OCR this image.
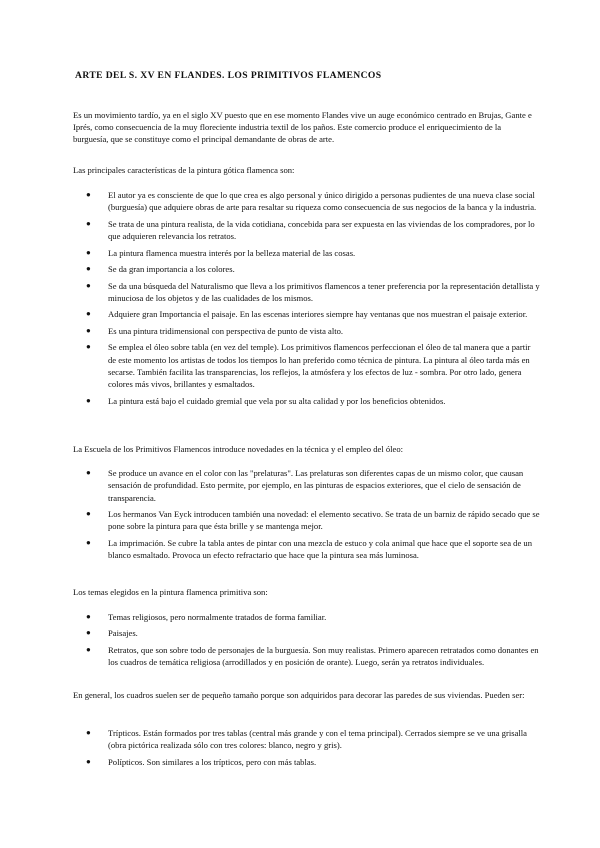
ARTE DEL S. XV EN FLANDES. LOS PRIMITIVOS FLAMENCOS

Es un movimiento tardío, ya en el siglo XV puesto que en ese momento Flandes vive un auge económico centrado en Brujas, Gante e Iprés, como consecuencia de la muy floreciente industria textil de los paños. Este comercio produce el enriquecimiento de la burguesía, que se constituye como el principal demandante de obras de arte.

Las principales características de la pintura gótica flamenca son:

● El autor ya es consciente de que lo que crea es algo personal y único dirigido a personas pudientes de una nueva clase social (burguesía) que adquiere obras de arte para resaltar su riqueza como consecuencia de sus negocios de la banca y la industria.
● Se trata de una pintura realista, de la vida cotidiana, concebida para ser expuesta en las viviendas de los compradores, por lo que adquieren relevancia los retratos.
● La pintura flamenca muestra interés por la belleza material de las cosas.
● Se da gran importancia a los colores.
● Se da una búsqueda del Naturalismo que lleva a los primitivos flamencos a tener preferencia por la representación detallista y minuciosa de los objetos y de las cualidades de los mismos.
● Adquiere gran Importancia el paisaje. En las escenas interiores siempre hay ventanas que nos muestran el paisaje exterior.
● Es una pintura tridimensional con perspectiva de punto de vista alto.
● Se emplea el óleo sobre tabla (en vez del temple). Los primitivos flamencos perfeccionan el óleo de tal manera que a partir de este momento los artistas de todos los tiempos lo han preferido como técnica de pintura. La pintura al óleo tarda más en secarse. También facilita las transparencias, los reflejos, la atmósfera y los efectos de luz - sombra. Por otro lado, genera colores más vivos, brillantes y esmaltados.
● La pintura está bajo el cuidado gremial que vela por su alta calidad y por los beneficios obtenidos.

La Escuela de los Primitivos Flamencos introduce novedades en la técnica y el empleo del óleo:

● Se produce un avance en el color con las "prelaturas". Las prelaturas son diferentes capas de un mismo color, que causan sensación de profundidad. Esto permite, por ejemplo, en las pinturas de espacios exteriores, que el cielo de sensación de transparencia.
● Los hermanos Van Eyck introducen también una novedad: el elemento secativo. Se trata de un barniz de rápido secado que se pone sobre la pintura para que ésta brille y se mantenga mejor.
● La imprimación. Se cubre la tabla antes de pintar con una mezcla de estuco y cola animal que hace que el soporte sea de un blanco esmaltado. Provoca un efecto refractario que hace que la pintura sea más luminosa.

Los temas elegidos en la pintura flamenca primitiva son:

● Temas religiosos, pero normalmente tratados de forma familiar.
● Paisajes.
● Retratos, que son sobre todo de personajes de la burguesía. Son muy realistas. Primero aparecen retratados como donantes en los cuadros de temática religiosa (arrodillados y en posición de orante). Luego, serán ya retratos individuales.

En general, los cuadros suelen ser de pequeño tamaño porque son adquiridos para decorar las paredes de sus viviendas. Pueden ser:

● Trípticos. Están formados por tres tablas (central más grande y con el tema principal). Cerrados siempre se ve una grisalla (obra pictórica realizada sólo con tres colores: blanco, negro y gris).
● Polípticos. Son similares a los trípticos, pero con más tablas.
